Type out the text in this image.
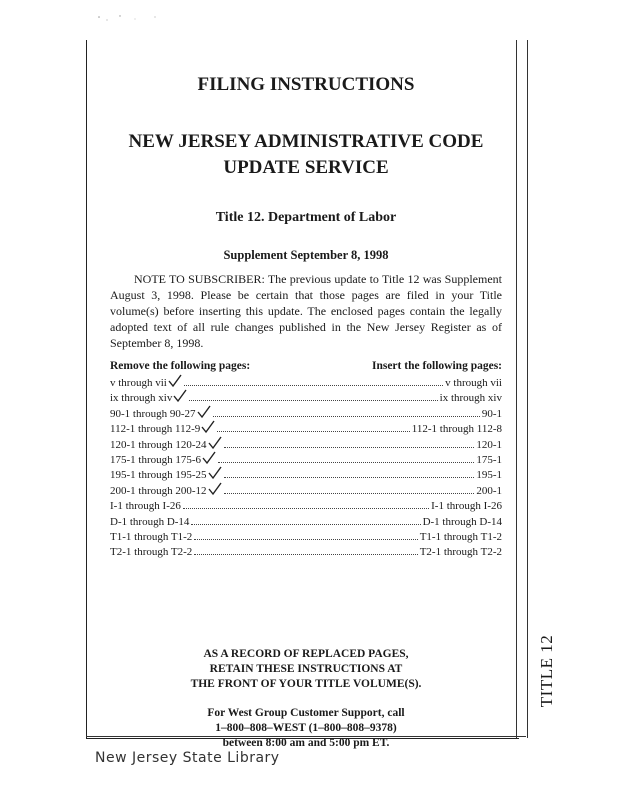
TITLE 12
FILING INSTRUCTIONS
NEW JERSEY ADMINISTRATIVE CODE
UPDATE SERVICE
Title 12. Department of Labor
Supplement September 8, 1998

NOTE TO SUBSCRIBER: The previous update to Title 12 was Supplement August 3, 1998. Please be certain that those pages are filed in your Title volume(s) before inserting this update. The enclosed pages contain the legally adopted text of all rule changes published in the New Jersey Register as of September 8, 1998.

Remove the following pages:	Insert the following pages:
v through vii	v through vii
ix through xiv	ix through xiv
90-1 through 90-27	90-1
112-1 through 112-9	112-1 through 112-8
120-1 through 120-24	120-1
175-1 through 175-6	175-1
195-1 through 195-25	195-1
200-1 through 200-12	200-1
I-1 through I-26	I-1 through I-26
D-1 through D-14	D-1 through D-14
T1-1 through T1-2	T1-1 through T1-2
T2-1 through T2-2	T2-1 through T2-2
AS A RECORD OF REPLACED PAGES,
RETAIN THESE INSTRUCTIONS AT
THE FRONT OF YOUR TITLE VOLUME(S).
For West Group Customer Support, call
1–800–808–WEST (1–800–808–9378)
between 8:00 am and 5:00 pm ET.
New Jersey State Library
